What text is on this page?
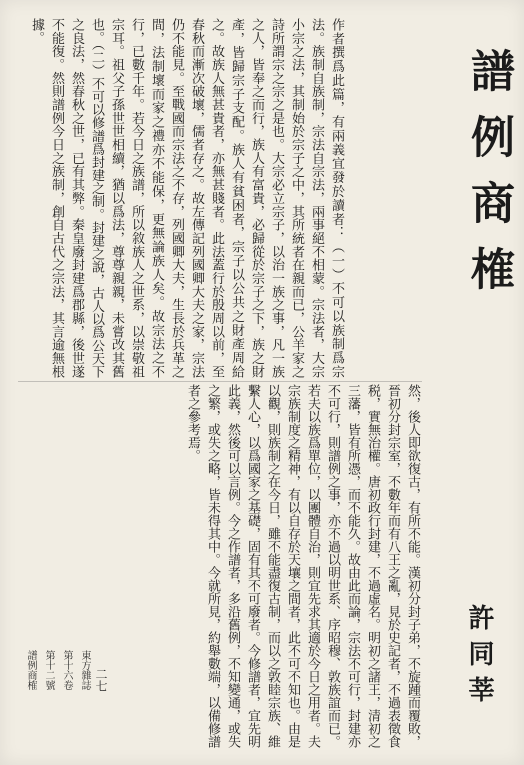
譜例商榷
作者撰爲此篇，有兩義宜發於讀者：（一）不可以族制爲宗法。族制自族制，宗法自宗法，兩事絕不相蒙。宗法者，大宗小宗之法，其制始於宗子之中，其所統者在親而已，公羊家之詩所謂宗之宗之是也。大宗必立宗子，以治一族之事，凡一族之人，皆奉之而行，族人有富貴，必歸從於宗子之下，族之財產，皆歸宗子支配。族人有貧困者，宗子以公共之財產周給之。故族人無甚貴者，亦無甚賤者。此法蓋行於殷周以前，至春秋而漸次破壞，儒者存之。故左傳記列國卿大夫之家，宗法仍不能見。至戰國而宗法之不存，列國卿大夫，生長於兵革之間，法制壞而家之禮亦不能保，更無論族人矣。故宗法之不行，已數千年。若今日之族譜，所以敘族人之世系，以崇敬祖宗耳。祖父子孫世世相續，猶以爲法，尊尊親親，未嘗改其舊也。（二）不可以修譜爲封建之制。封建之說，古人以爲公天下之良法，然春秋之世，已有其弊。秦皇廢封建爲郡縣，後世遂不能復。然則譜例今日之族制，創自古代之宗法，其言逾無根據。
然，後人即欲復古，有所不能。漢初分封子弟，不旋踵而覆敗，晉初分封宗室，不數年而有八王之亂，見於史記者，不過表徵食税，實無治權。唐初政行封建，不過虛名。明初之諸王，清初之三藩，皆有所憑，而不能久。故由此而論，宗法不可行，封建亦不可行，則譜例之事，亦不過以明世系、序昭穆、敦族誼而已。若夫以族爲單位，以團體自治，則宜先求其適於今日之用者。夫宗族制度之精神，有以自存於天壤之間者，此不可不知也。由是以觀，則族制之在今日，雖不能盡復古制，而以之敦睦宗族、維繫人心，以爲國家之基礎，固有其不可廢者。今修譜者，宜先明此義，然後可以言例。今之作譜者，多沿舊例，不知變通，或失之繁，或失之略，皆未得其中。今就所見，約舉數端，以備修譜者之參考焉。
許同莘
二七
東方雜誌
第十六卷
第十二號
譜例商榷
